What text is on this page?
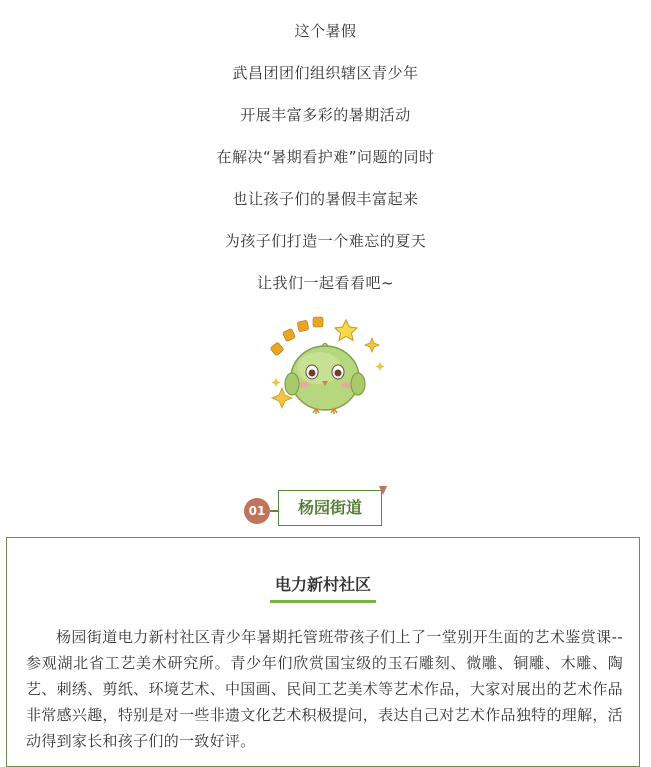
这个暑假
武昌团团们组织辖区青少年
开展丰富多彩的暑期活动
在解决“暑期看护难”问题的同时
也让孩子们的暑假丰富起来
为孩子们打造一个难忘的夏天
让我们一起看看吧~
01	杨园街道
电力新村社区

杨园街道电力新村社区青少年暑期托管班带孩子们上了一堂别开生面的艺术鉴赏课--参观湖北省工艺美术研究所。青少年们欣赏国宝级的玉石雕刻、微雕、铜雕、木雕、陶艺、刺绣、剪纸、环境艺术、中国画、民间工艺美术等艺术作品，大家对展出的艺术作品非常感兴趣，特别是对一些非遗文化艺术积极提问，表达自己对艺术作品独特的理解，活动得到家长和孩子们的一致好评。
